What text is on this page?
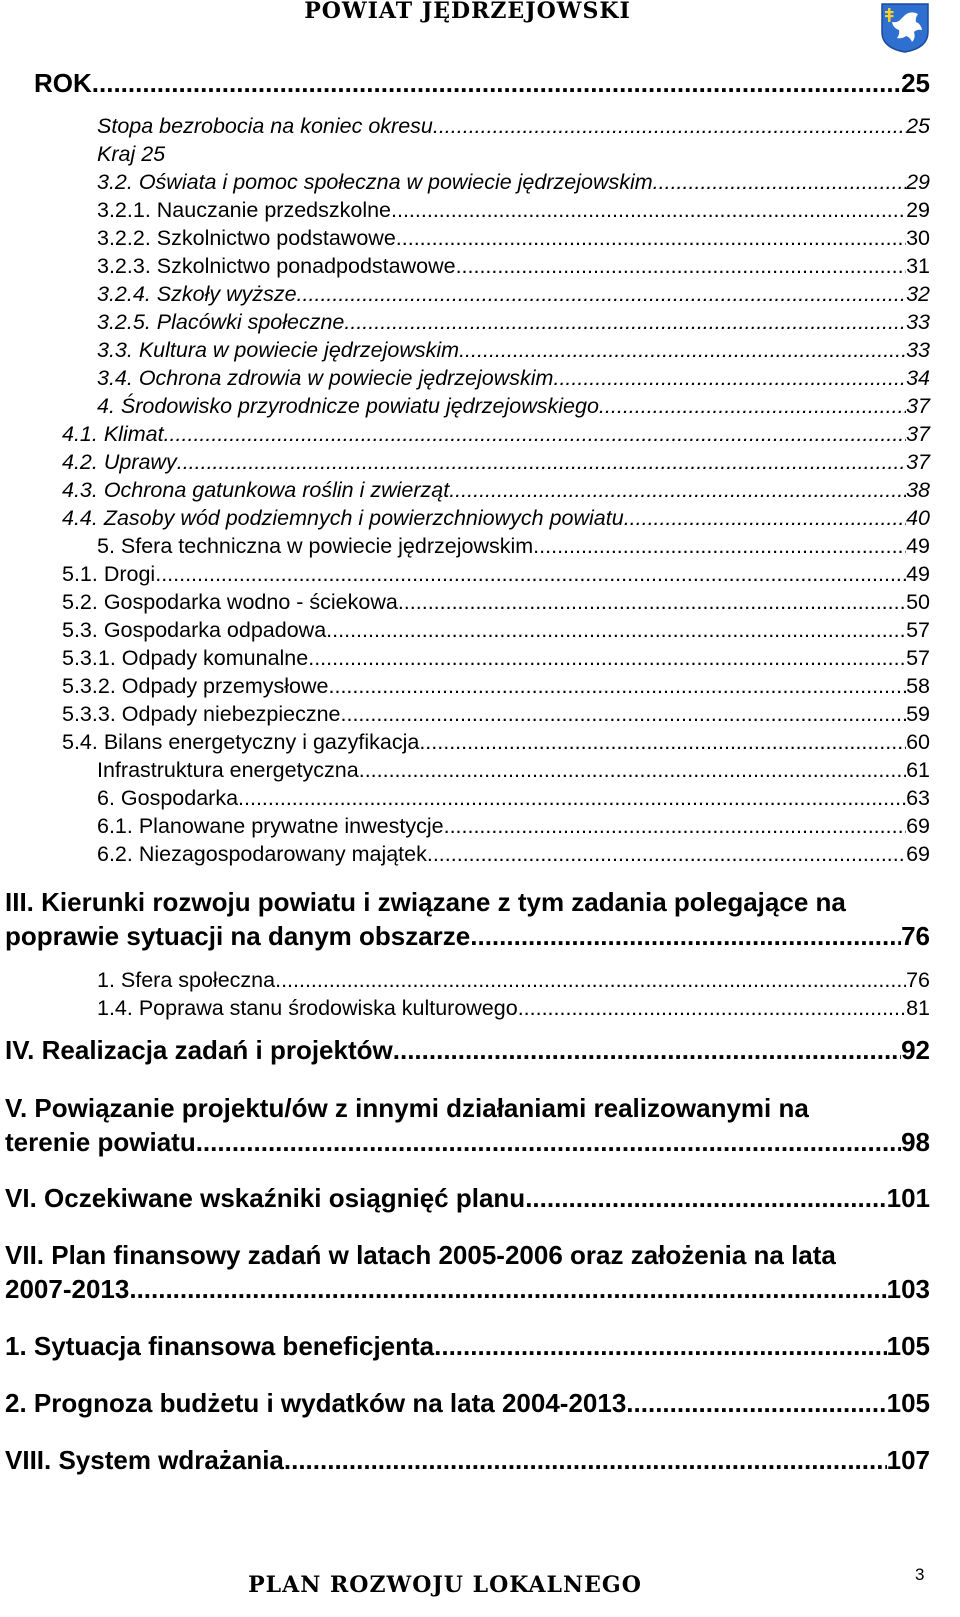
POWIAT JĘDRZEJOWSKI
ROK .....	25
Stopa bezrobocia na koniec okresu .....	25
Kraj 25
3.2. Oświata i pomoc społeczna w powiecie jędrzejowskim .....	29
3.2.1. Nauczanie przedszkolne .....	29
3.2.2. Szkolnictwo podstawowe .....	30
3.2.3. Szkolnictwo ponadpodstawowe .....	31
3.2.4. Szkoły wyższe .....	32
3.2.5. Placówki społeczne .....	33
3.3. Kultura w powiecie jędrzejowskim .....	33
3.4. Ochrona zdrowia w powiecie jędrzejowskim .....	34
4. Środowisko przyrodnicze powiatu jędrzejowskiego .....	37
4.1. Klimat .....	37
4.2. Uprawy .....	37
4.3. Ochrona gatunkowa roślin i zwierząt .....	38
4.4. Zasoby wód podziemnych i powierzchniowych powiatu .....	40
5. Sfera techniczna w powiecie jędrzejowskim .....	49
5.1. Drogi .....	49
5.2. Gospodarka wodno - ściekowa .....	50
5.3. Gospodarka odpadowa .....	57
5.3.1. Odpady komunalne .....	57
5.3.2. Odpady przemysłowe .....	58
5.3.3. Odpady niebezpieczne .....	59
5.4. Bilans energetyczny i gazyfikacja .....	60
Infrastruktura energetyczna .....	61
6. Gospodarka .....	63
6.1. Planowane prywatne inwestycje .....	69
6.2. Niezagospodarowany majątek .....	69
III. Kierunki rozwoju powiatu i związane z tym zadania polegające na
poprawie sytuacji na danym obszarze .....	76
1. Sfera społeczna .....	76
1.4. Poprawa stanu środowiska kulturowego .....	81
IV. Realizacja zadań i projektów .....	92
V. Powiązanie projektu/ów z innymi działaniami realizowanymi na
terenie powiatu .....	98
VI. Oczekiwane wskaźniki osiągnięć planu .....	101
VII. Plan finansowy zadań w latach 2005-2006 oraz założenia na lata
2007-2013 .....	103
1. Sytuacja finansowa beneficjenta .....	105
2. Prognoza budżetu i wydatków na lata 2004-2013 .....	105
VIII. System wdrażania .....	107
PLAN ROZWOJU LOKALNEGO	3
